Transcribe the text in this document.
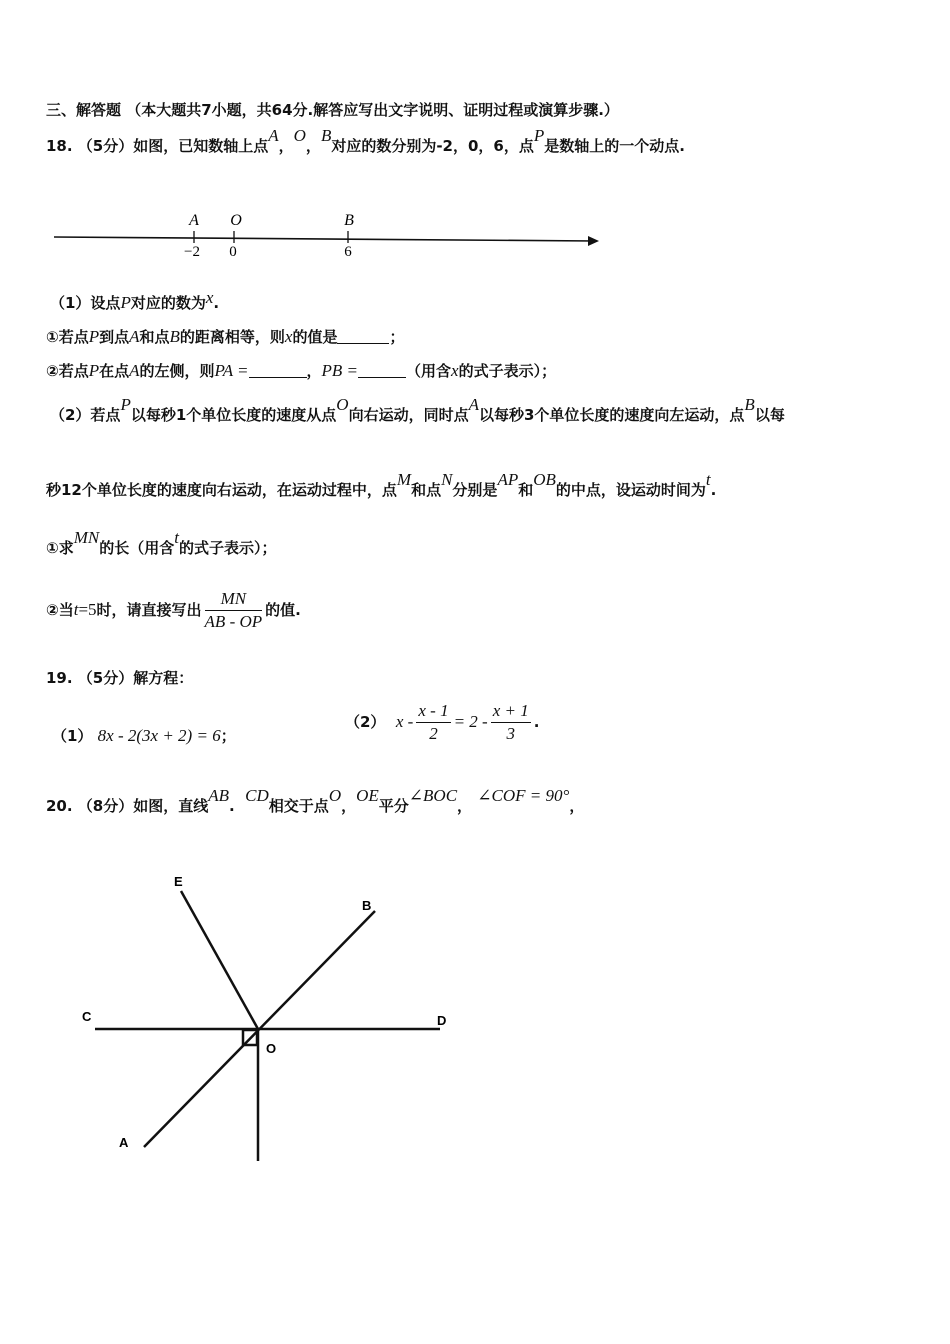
三、解答题 （本大题共7小题，共64分.解答应写出文字说明、证明过程或演算步骤.）
18. （5分）如图，已知数轴上点A，O，B对应的数分别为-2，0，6，点P是数轴上的一个动点.
A O	B
−2 0	6
（1）设点P对应的数为x.
①若点P到点A和点B的距离相等，则x的值是	；
②若点P在点A的左侧，则PA =	，PB =	（用含x的式子表示）；
（2）若点P以每秒1个单位长度的速度从点O向右运动，同时点A以每秒3个单位长度的速度向左运动，点B以每
秒12个单位长度的速度向右运动，在运动过程中，点M和点N分别是AP和OB的中点，设运动时间为t.
①求MN的长（用含t的式子表示）；
②当t=5时，请直接写出 $\frac{MN}{AB - OP}$ 的值.
19. （5分）解方程：
（1） 8x - 2(3x + 2) = 6；
（2） $x - \frac{x - 1}{2} = 2 - \frac{x + 1}{3}$ .
20. （8分）如图，直线AB.  CD相交于点O，OE平分∠BOC， ∠COF = 90°，
E
B
C	D
O
A
